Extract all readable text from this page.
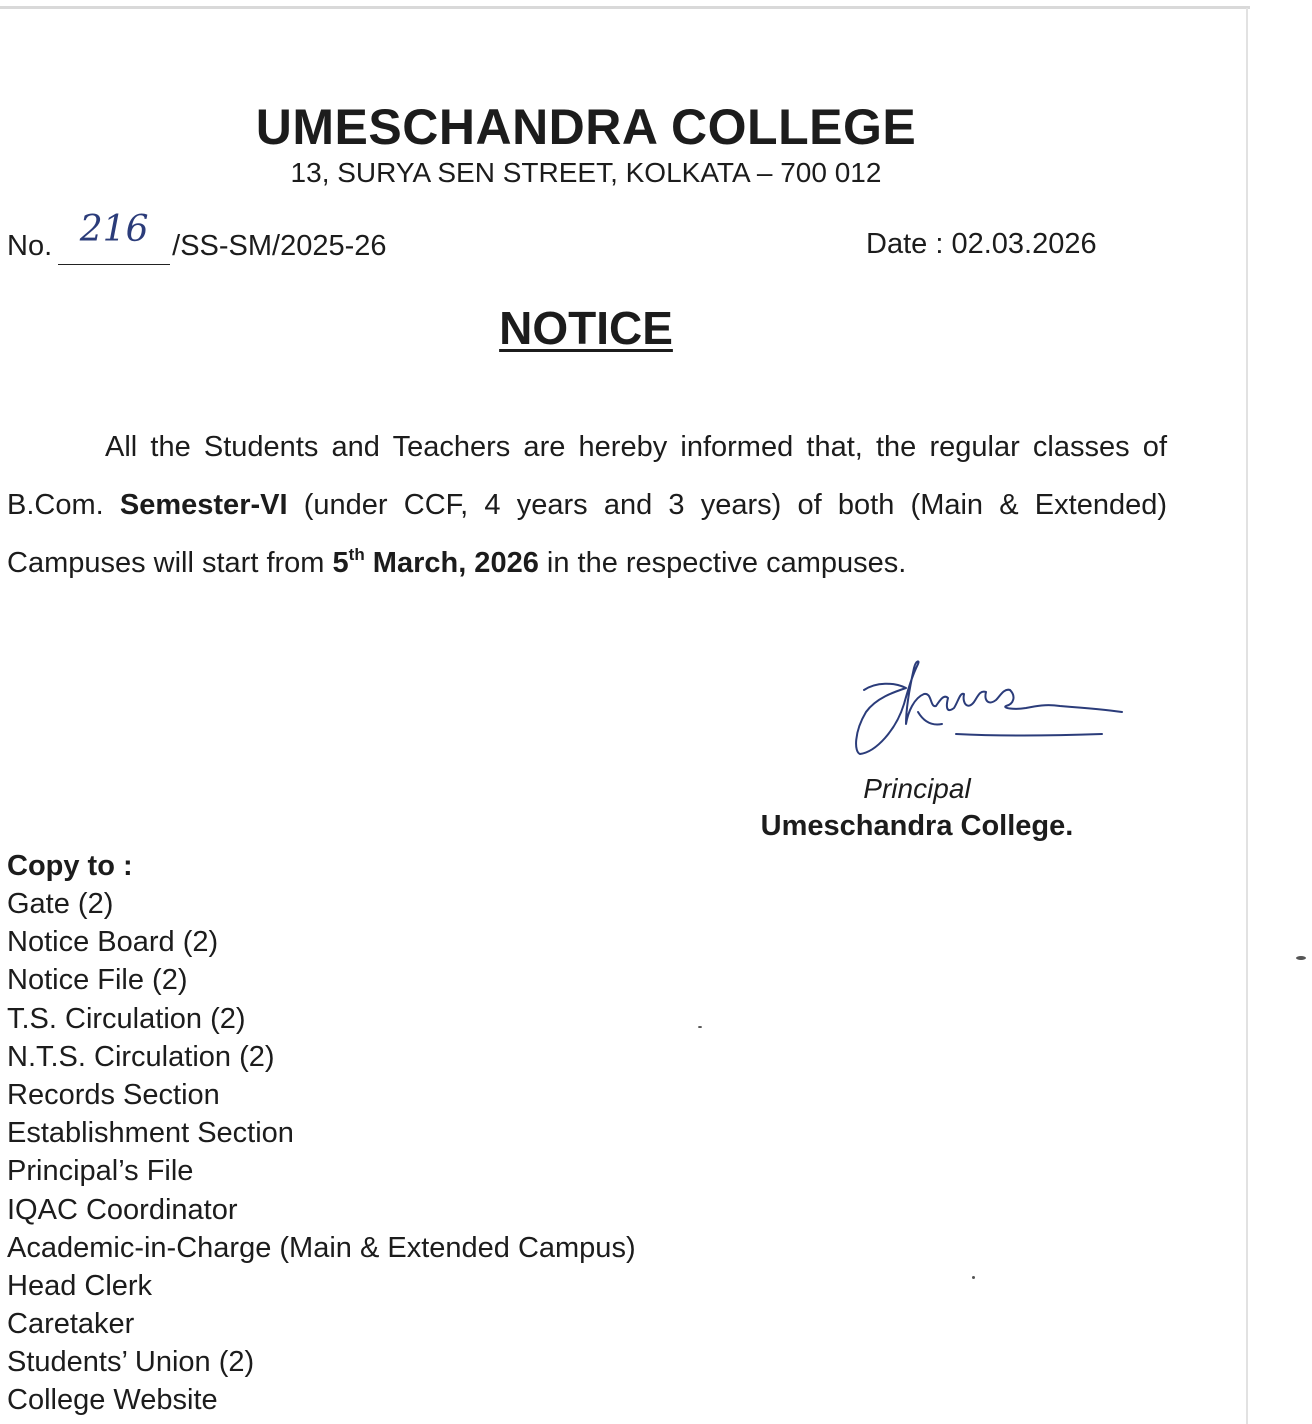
UMESCHANDRA COLLEGE
13, SURYA SEN STREET, KOLKATA – 700 012
No. 216 /SS-SM/2025-26	Date : 02.03.2026
NOTICE
All the Students and Teachers are hereby informed that, the regular classes of B.Com. Semester-VI (under CCF, 4 years and 3 years) of both (Main & Extended) Campuses will start from 5th March, 2026 in the respective campuses.
Principal
Umeschandra College.
Copy to :
Gate (2)
Notice Board (2)
Notice File (2)
T.S. Circulation (2)
N.T.S. Circulation (2)
Records Section
Establishment Section
Principal’s File
IQAC Coordinator
Academic-in-Charge (Main & Extended Campus)
Head Clerk
Caretaker
Students’ Union (2)
College Website
